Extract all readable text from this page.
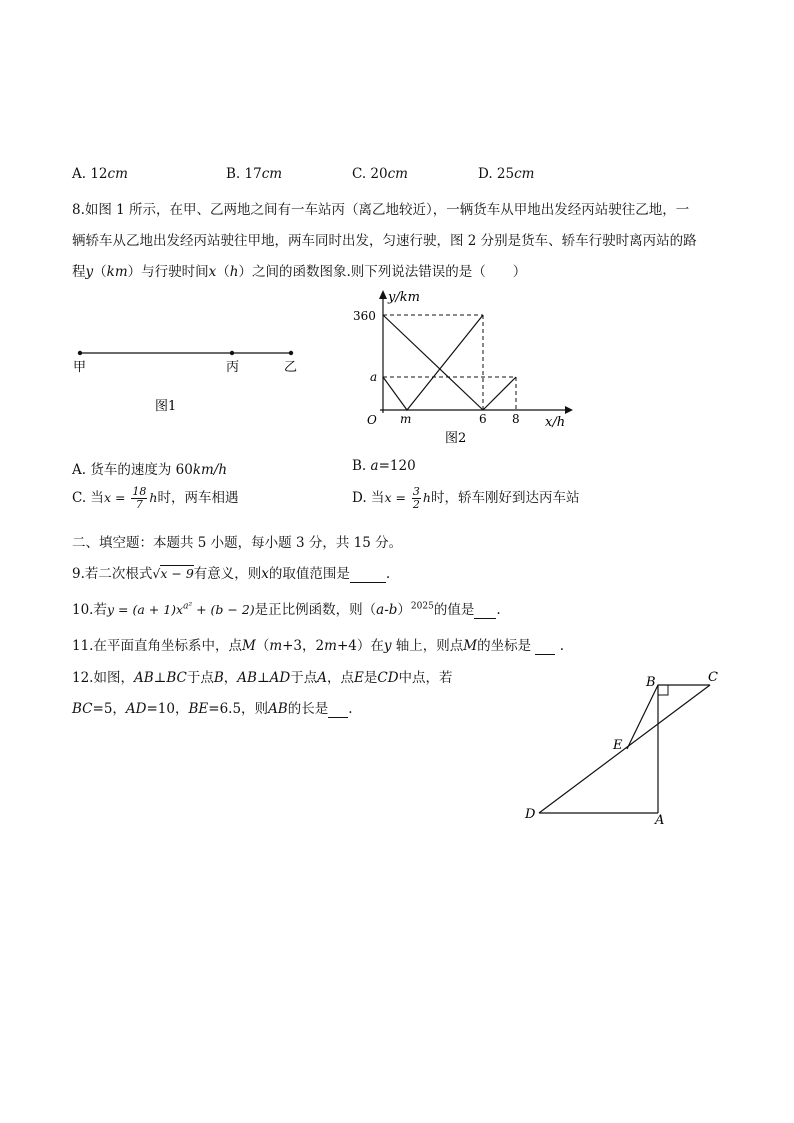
A. 12cm	B. 17cm	C. 20cm	D. 25cm
8.如图 1 所示，在甲、乙两地之间有一车站丙（离乙地较近），一辆货车从甲地出发经丙站驶往乙地，一
辆轿车从乙地出发经丙站驶往甲地，两车同时出发，匀速行驶，图 2 分别是货车、轿车行驶时离丙站的路
程y（km）与行驶时间x（h）之间的函数图象.则下列说法错误的是（　　）
甲	丙	乙
图1
y/km
360
a
O m	6 8 x/h
图2
A. 货车的速度为 60km/h	B. a=120
C. 当$x = \frac{18}{7}$ h时，两车相遇	D. 当$x = \frac{3}{2}$ h时，轿车刚好到达丙车站
二、填空题：本题共 5 小题，每小题 3 分，共 15 分。
9.若二次根式√x − 9有意义，则x的取值范围是	.
10.若$y = (a + 1)x^{a^2} + (b - 2)$是正比例函数，则$(a-b)^{2025}$的值是 .
11.在平面直角坐标系中，点M（m+3，2m+4）在y 轴上，则点M的坐标是   .
12.如图，AB⊥BC于点B，AB⊥AD于点A，点E是CD中点，若
BC=5，AD=10，BE=6.5，则AB的长是 .
B	C
E
D	A
